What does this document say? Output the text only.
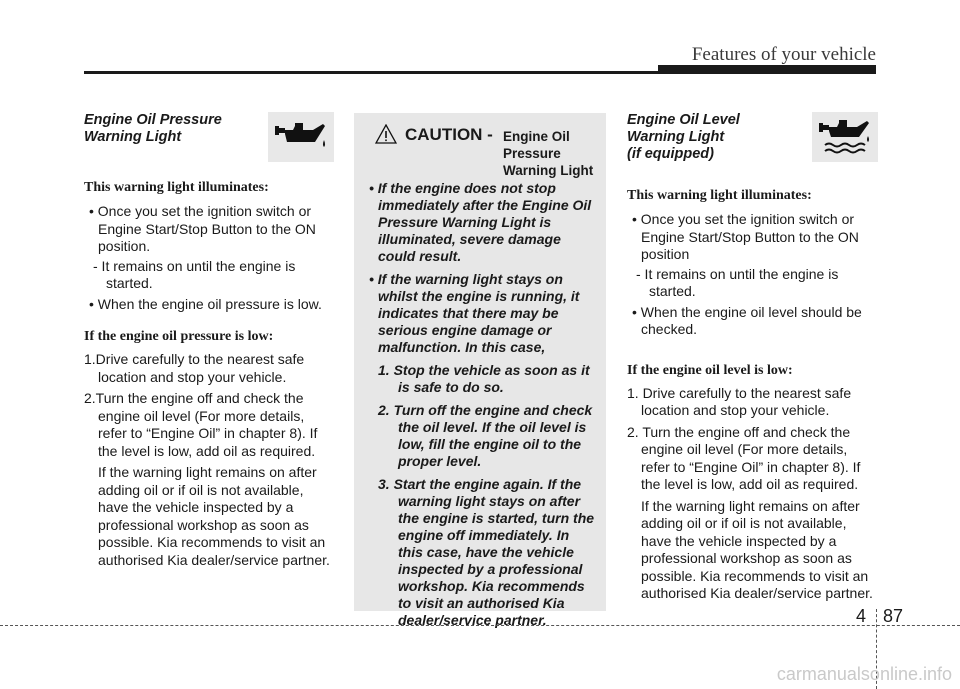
Features of your vehicle
Engine Oil Pressure
Warning Light
This warning light illuminates:
• Once you set the ignition switch or Engine Start/Stop Button to the ON position.
- It remains on until the engine is started.
• When the engine oil pressure is low.
If the engine oil pressure is low:
1.Drive carefully to the nearest safe location and stop your vehicle.
2.Turn the engine off and check the engine oil level (For more details, refer to “Engine Oil” in chapter 8). If the level is low, add oil as required.
If the warning light remains on after adding oil or if oil is not available, have the vehicle inspected by a professional workshop as soon as possible. Kia recommends to visit an authorised Kia dealer/service partner.
CAUTION - Engine Oil
Pressure
Warning Light
• If the engine does not stop immediately after the Engine Oil Pressure Warning Light is illuminated, severe damage could result.
• If the warning light stays on whilst the engine is running, it indicates that there may be serious engine damage or malfunction. In this case,
1. Stop the vehicle as soon as it is safe to do so.
2. Turn off the engine and check the oil level. If the oil level is low, fill the engine oil to the proper level.
3. Start the engine again. If the warning light stays on after the engine is started, turn the engine off immediately. In this case, have the vehicle inspected by a professional workshop. Kia recommends to visit an authorised Kia dealer/service partner.
Engine Oil Level
Warning Light
(if equipped)
This warning light illuminates:
• Once you set the ignition switch or Engine Start/Stop Button to the ON position
- It remains on until the engine is started.
• When the engine oil level should be checked.
If the engine oil level is low:
1. Drive carefully to the nearest safe location and stop your vehicle.
2. Turn the engine off and check the engine oil level (For more details, refer to “Engine Oil” in chapter 8). If the level is low, add oil as required.
If the warning light remains on after adding oil or if oil is not available, have the vehicle inspected by a professional workshop as soon as possible. Kia recommends to visit an authorised Kia dealer/service partner.
4 87
carmanualsonline.info
